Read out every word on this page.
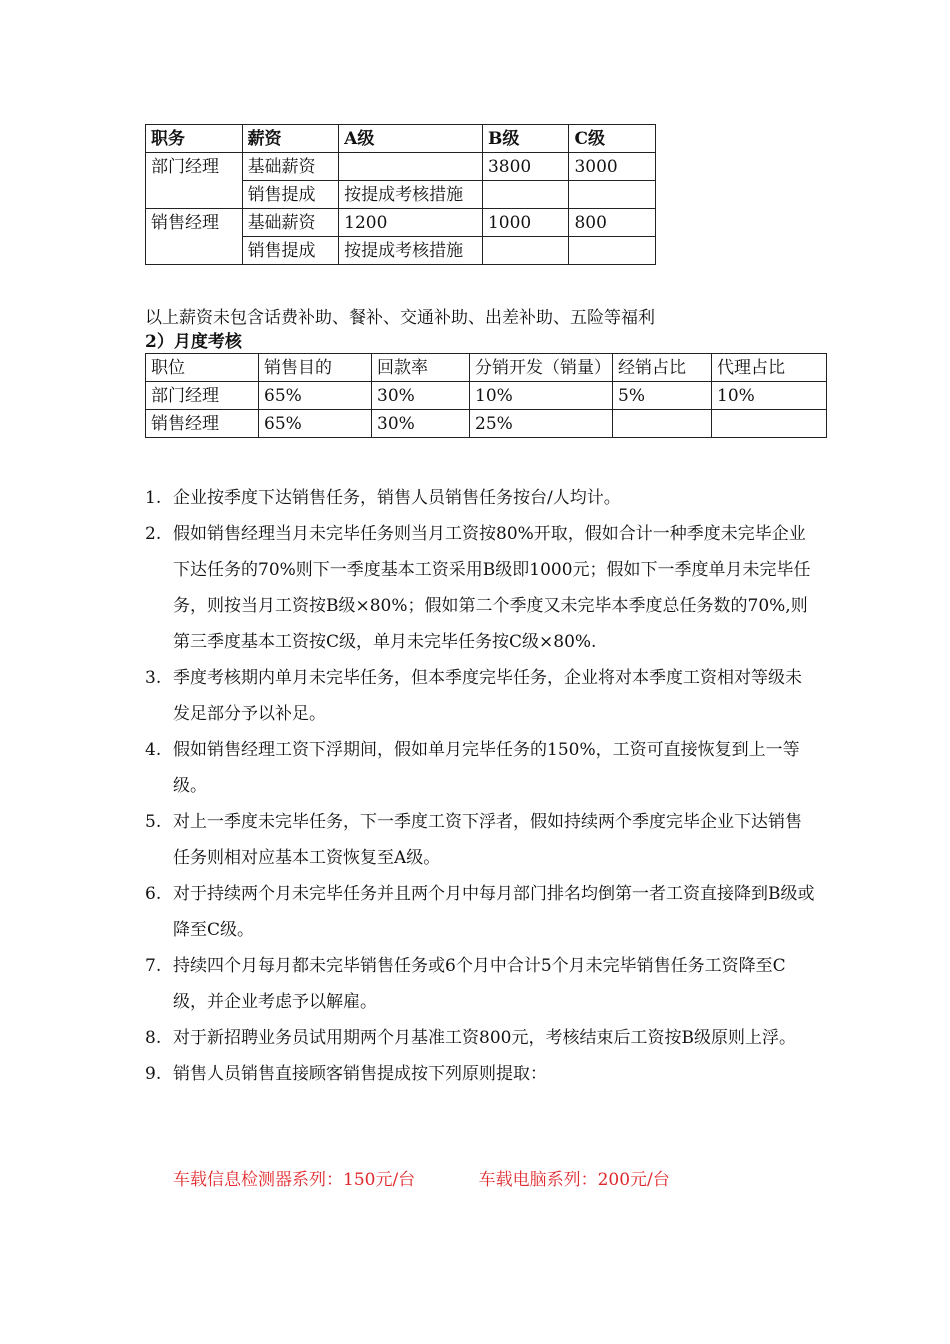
职务	薪资	A级	B级	C级
部门经理	基础薪资		3800	3000
	销售提成	按提成考核措施		
销售经理	基础薪资	1200	1000	800
	销售提成	按提成考核措施		
以上薪资未包含话费补助、餐补、交通补助、出差补助、五险等福利
2）月度考核
职位	销售目的	回款率	分销开发（销量）	经销占比	代理占比
部门经理	65%	30%	10%	5%	10%
销售经理	65%	30%	25%		
1. 企业按季度下达销售任务，销售人员销售任务按台/人均计。
2. 假如销售经理当月未完毕任务则当月工资按80%开取，假如合计一种季度未完毕企业下达任务的70%则下一季度基本工资采用B级即1000元；假如下一季度单月未完毕任务，则按当月工资按B级×80%；假如第二个季度又未完毕本季度总任务数的70%,则第三季度基本工资按C级，单月未完毕任务按C级×80%.
3. 季度考核期内单月未完毕任务，但本季度完毕任务，企业将对本季度工资相对等级未发足部分予以补足。
4. 假如销售经理工资下浮期间，假如单月完毕任务的150%，工资可直接恢复到上一等级。
5. 对上一季度未完毕任务，下一季度工资下浮者，假如持续两个季度完毕企业下达销售任务则相对应基本工资恢复至A级。
6. 对于持续两个月未完毕任务并且两个月中每月部门排名均倒第一者工资直接降到B级或降至C级。
7. 持续四个月每月都未完毕销售任务或6个月中合计5个月未完毕销售任务工资降至C级，并企业考虑予以解雇。
8. 对于新招聘业务员试用期两个月基准工资800元，考核结束后工资按B级原则上浮。
9. 销售人员销售直接顾客销售提成按下列原则提取：
车载信息检测器系列：150元/台	车载电脑系列：200元/台
